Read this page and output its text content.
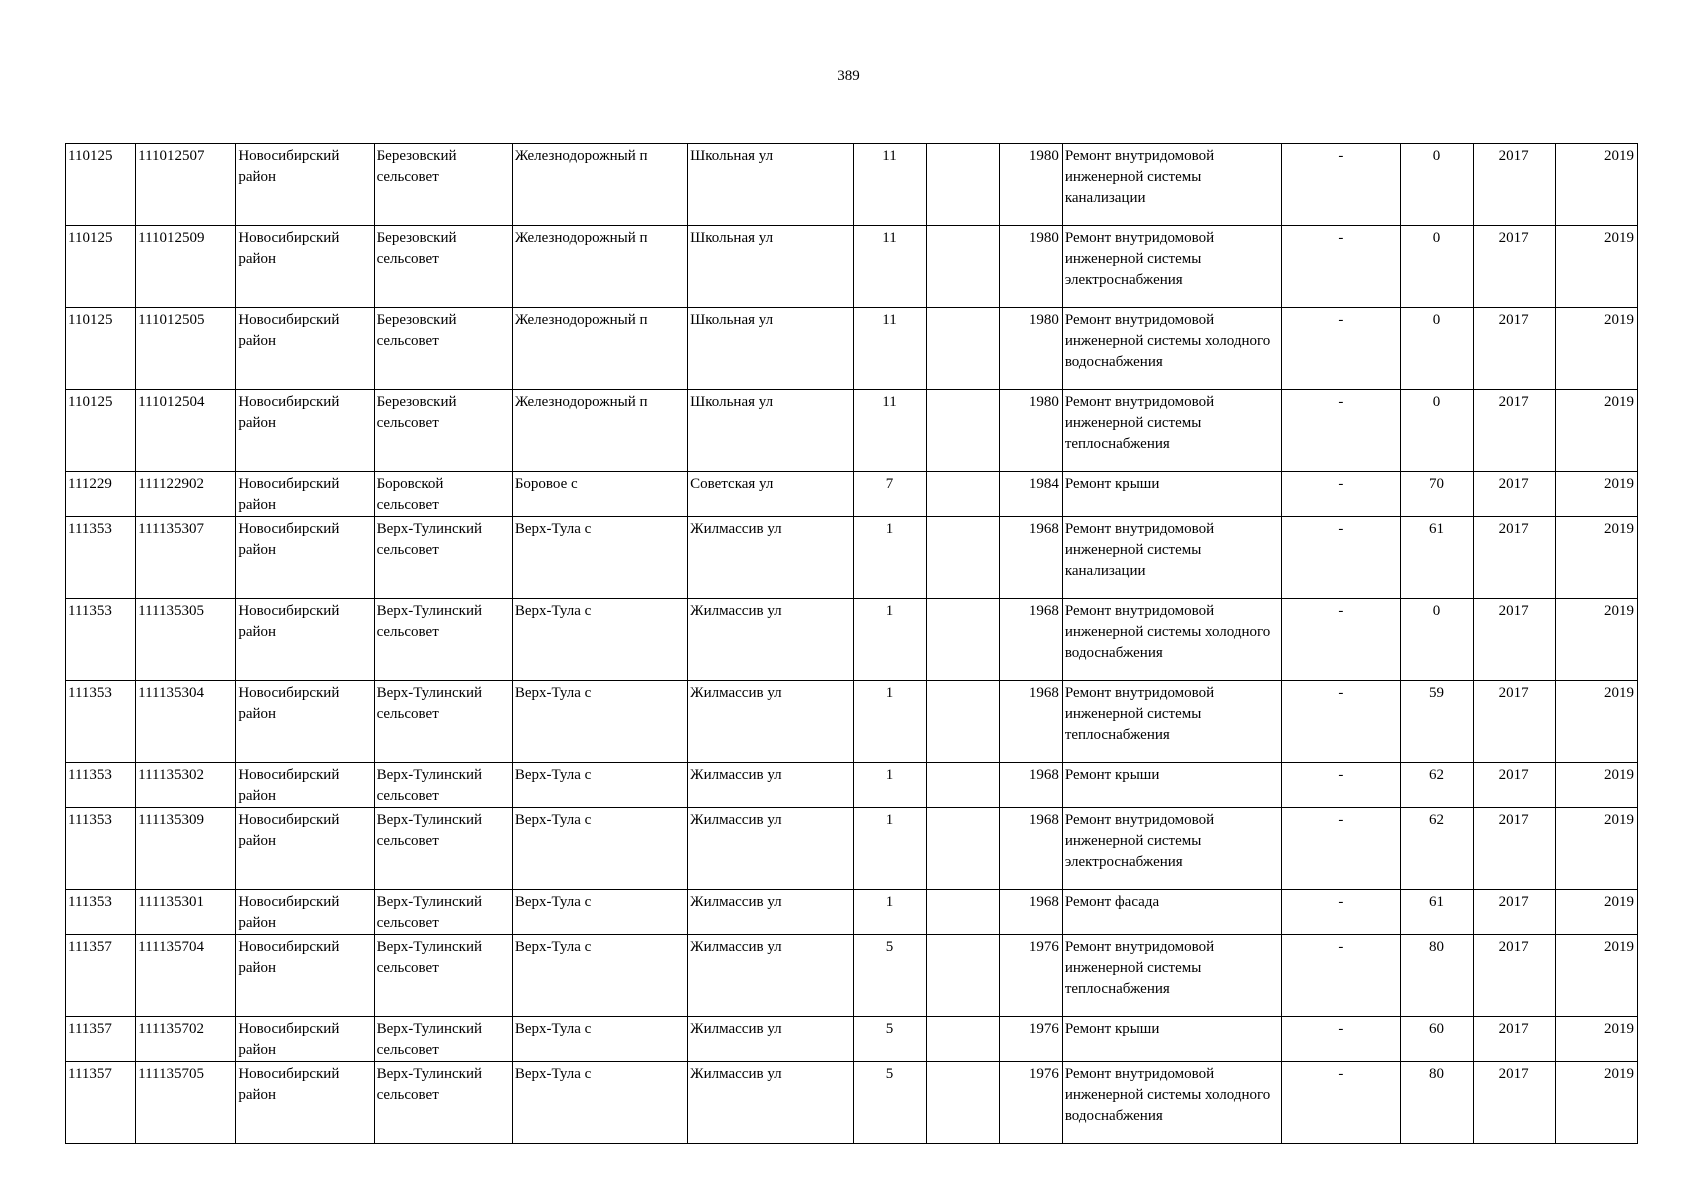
389
110125	111012507	Новосибирский район	Березовский сельсовет	Железнодорожный п	Школьная ул	11		1980	Ремонт внутридомовой инженерной системы канализации	-	0	2017	2019
110125	111012509	Новосибирский район	Березовский сельсовет	Железнодорожный п	Школьная ул	11		1980	Ремонт внутридомовой инженерной системы электроснабжения	-	0	2017	2019
110125	111012505	Новосибирский район	Березовский сельсовет	Железнодорожный п	Школьная ул	11		1980	Ремонт внутридомовой инженерной системы холодного водоснабжения	-	0	2017	2019
110125	111012504	Новосибирский район	Березовский сельсовет	Железнодорожный п	Школьная ул	11		1980	Ремонт внутридомовой инженерной системы теплоснабжения	-	0	2017	2019
111229	111122902	Новосибирский район	Боровской сельсовет	Боровое с	Советская ул	7		1984	Ремонт крыши	-	70	2017	2019
111353	111135307	Новосибирский район	Верх-Тулинский сельсовет	Верх-Тула с	Жилмассив ул	1		1968	Ремонт внутридомовой инженерной системы канализации	-	61	2017	2019
111353	111135305	Новосибирский район	Верх-Тулинский сельсовет	Верх-Тула с	Жилмассив ул	1		1968	Ремонт внутридомовой инженерной системы холодного водоснабжения	-	0	2017	2019
111353	111135304	Новосибирский район	Верх-Тулинский сельсовет	Верх-Тула с	Жилмассив ул	1		1968	Ремонт внутридомовой инженерной системы теплоснабжения	-	59	2017	2019
111353	111135302	Новосибирский район	Верх-Тулинский сельсовет	Верх-Тула с	Жилмассив ул	1		1968	Ремонт крыши	-	62	2017	2019
111353	111135309	Новосибирский район	Верх-Тулинский сельсовет	Верх-Тула с	Жилмассив ул	1		1968	Ремонт внутридомовой инженерной системы электроснабжения	-	62	2017	2019
111353	111135301	Новосибирский район	Верх-Тулинский сельсовет	Верх-Тула с	Жилмассив ул	1		1968	Ремонт фасада	-	61	2017	2019
111357	111135704	Новосибирский район	Верх-Тулинский сельсовет	Верх-Тула с	Жилмассив ул	5		1976	Ремонт внутридомовой инженерной системы теплоснабжения	-	80	2017	2019
111357	111135702	Новосибирский район	Верх-Тулинский сельсовет	Верх-Тула с	Жилмассив ул	5		1976	Ремонт крыши	-	60	2017	2019
111357	111135705	Новосибирский район	Верх-Тулинский сельсовет	Верх-Тула с	Жилмассив ул	5		1976	Ремонт внутридомовой инженерной системы холодного водоснабжения	-	80	2017	2019
